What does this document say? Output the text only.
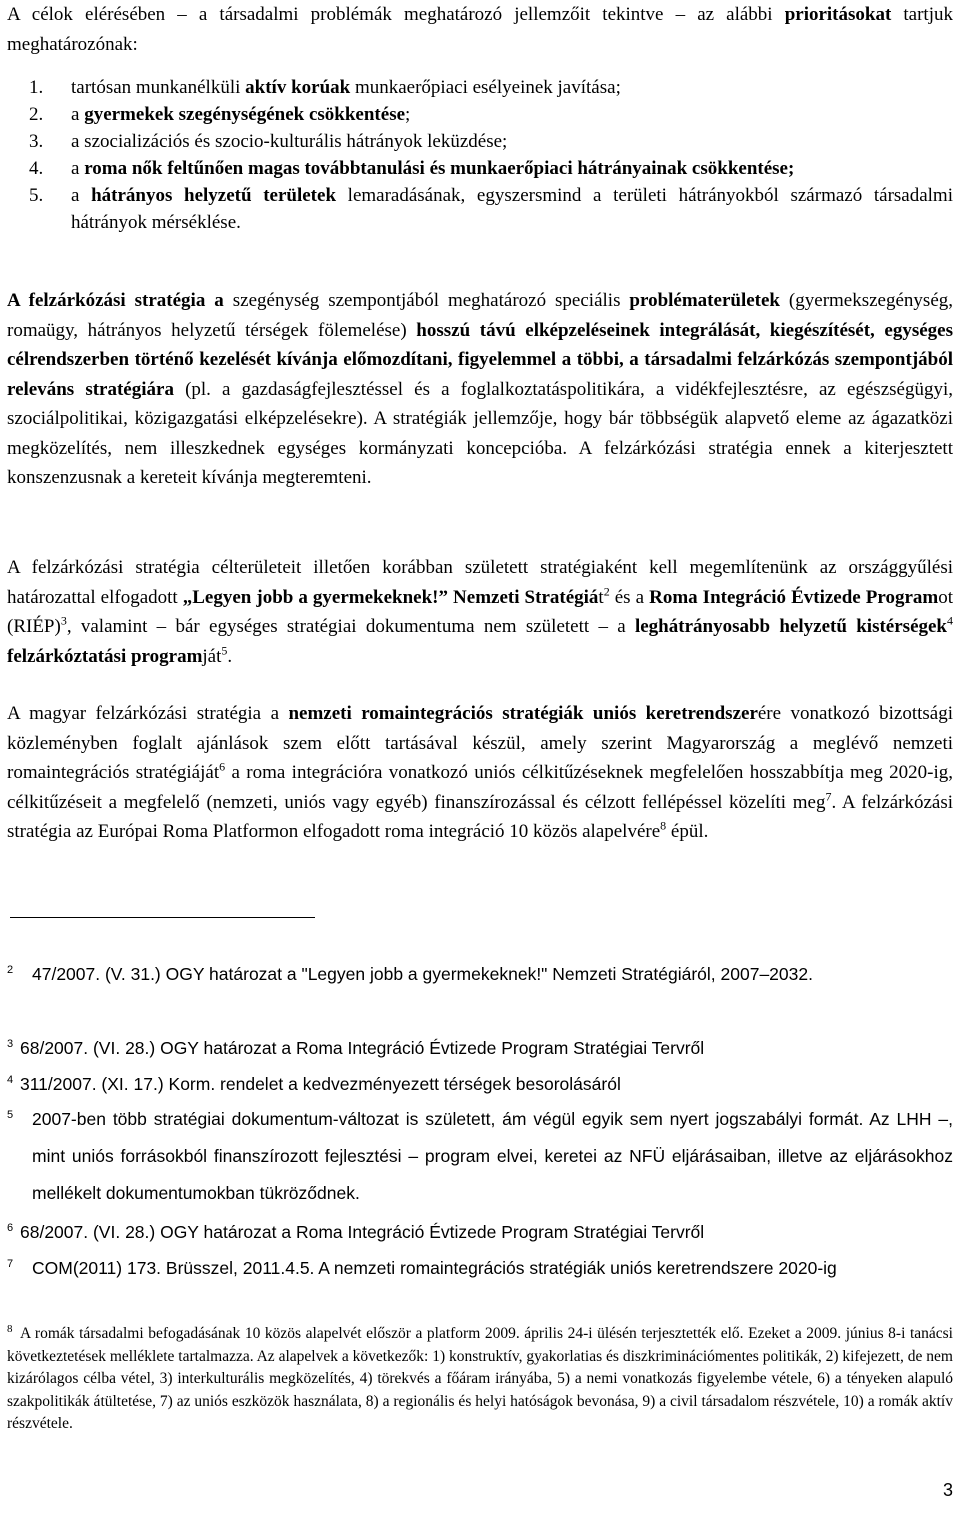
A célok elérésében – a társadalmi problémák meghatározó jellemzőit tekintve – az alábbi prioritásokat tartjuk meghatározónak:

1. tartósan munkanélküli aktív korúak munkaerőpiaci esélyeinek javítása;
2. a gyermekek szegénységének csökkentése;
3. a szocializációs és szocio-kulturális hátrányok leküzdése;
4. a roma nők feltűnően magas továbbtanulási és munkaerőpiaci hátrányainak csökkentése;
5. a hátrányos helyzetű területek lemaradásának, egyszersmind a területi hátrányokból származó társadalmi hátrányok mérséklése.

A felzárkózási stratégia a szegénység szempontjából meghatározó speciális problématerületek (gyermekszegénység, romaügy, hátrányos helyzetű térségek fölemelése) hosszú távú elképzeléseinek integrálását, kiegészítését, egységes célrendszerben történő kezelését kívánja előmozdítani, figyelemmel a többi, a társadalmi felzárkózás szempontjából releváns stratégiára (pl. a gazdaságfejlesztéssel és a foglalkoztatáspolitikára, a vidékfejlesztésre, az egészségügyi, szociálpolitikai, közigazgatási elképzelésekre). A stratégiák jellemzője, hogy bár többségük alapvető eleme az ágazatközi megközelítés, nem illeszkednek egységes kormányzati koncepcióba. A felzárkózási stratégia ennek a kiterjesztett konszenzusnak a kereteit kívánja megteremteni.

A felzárkózási stratégia célterületeit illetően korábban született stratégiaként kell megemlítenünk az országgyűlési határozattal elfogadott „Legyen jobb a gyermekeknek!” Nemzeti Stratégiát$^2$ és a Roma Integráció Évtizede Programot (RIÉP)$^3$, valamint – bár egységes stratégiai dokumentuma nem született – a leghátrányosabb helyzetű kistérségek$^4$ felzárkóztatási programját$^5$.

A magyar felzárkózási stratégia a nemzeti romaintegrációs stratégiák uniós keretrendszerére vonatkozó bizottsági közleményben foglalt ajánlások szem előtt tartásával készül, amely szerint Magyarország a meglévő nemzeti romaintegrációs stratégiáját$^6$ a roma integrációra vonatkozó uniós célkitűzéseknek megfelelően hosszabbítja meg 2020-ig, célkitűzéseit a megfelelő (nemzeti, uniós vagy egyéb) finanszírozással és célzott fellépéssel közelíti meg$^7$. A felzárkózási stratégia az Európai Roma Platformon elfogadott roma integráció 10 közös alapelvére$^8$ épül.

2 47/2007. (V. 31.) OGY határozat a "Legyen jobb a gyermekeknek!" Nemzeti Stratégiáról, 2007–2032.
3 68/2007. (VI. 28.) OGY határozat a Roma Integráció Évtizede Program Stratégiai Tervről
4 311/2007. (XI. 17.) Korm. rendelet a kedvezményezett térségek besorolásáról
5 2007-ben több stratégiai dokumentum-változat is született, ám végül egyik sem nyert jogszabályi formát. Az LHH –, mint uniós forrásokból finanszírozott fejlesztési – program elvei, keretei az NFÜ eljárásaiban, illetve az eljárásokhoz mellékelt dokumentumokban tükröződnek.
6 68/2007. (VI. 28.) OGY határozat a Roma Integráció Évtizede Program Stratégiai Tervről
7 COM(2011) 173. Brüsszel, 2011.4.5. A nemzeti romaintegrációs stratégiák uniós keretrendszere 2020-ig
8 A romák társadalmi befogadásának 10 közös alapelvét először a platform 2009. április 24-i ülésén terjesztették elő. Ezeket a 2009. június 8-i tanácsi következtetések melléklete tartalmazza. Az alapelvek a következők: 1) konstruktív, gyakorlatias és diszkriminációmentes politikák, 2) kifejezett, de nem kizárólagos célba vétel, 3) interkulturális megközelítés, 4) törekvés a főáram irányába, 5) a nemi vonatkozás figyelembe vétele, 6) a tényeken alapuló szakpolitikák átültetése, 7) az uniós eszközök használata, 8) a regionális és helyi hatóságok bevonása, 9) a civil társadalom részvétele, 10) a romák aktív részvétele.
3
